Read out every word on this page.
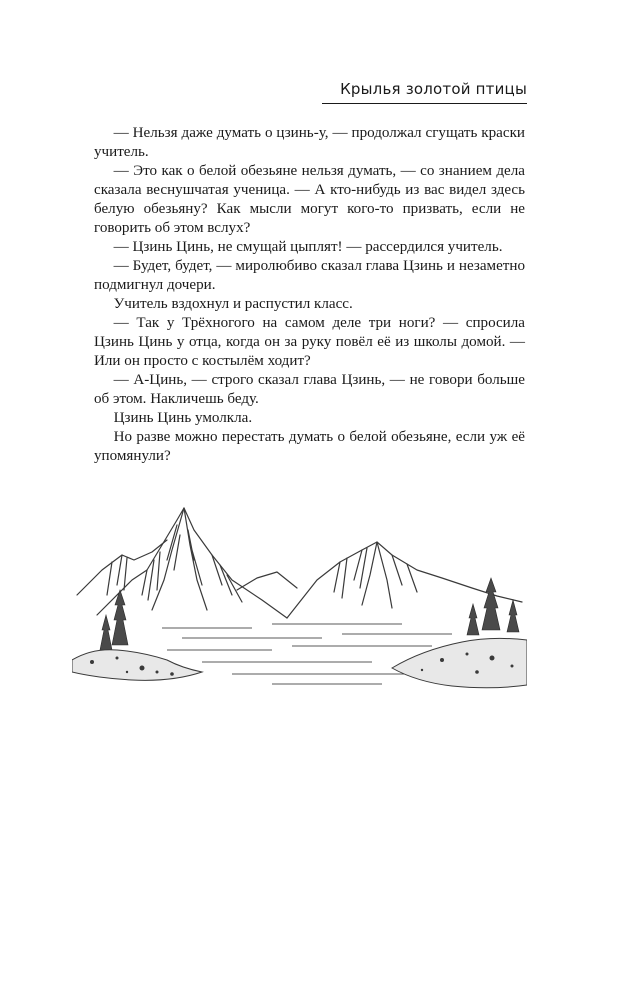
Крылья золотой птицы

— Нельзя даже думать о цзинь-у, — продолжал сгущать краски учитель.

— Это как о белой обезьяне нельзя думать, — со знанием дела сказала веснушчатая ученица. — А кто-нибудь из вас видел здесь белую обезьяну? Как мысли могут кого-то призвать, если не говорить об этом вслух?

— Цзинь Цинь, не смущай цыплят! — рассердился учитель.

— Будет, будет, — миролюбиво сказал глава Цзинь и незаметно подмигнул дочери.

Учитель вздохнул и распустил класс.

— Так у Трёхногого на самом деле три ноги? — спросила Цзинь Цинь у отца, когда он за руку повёл её из школы домой. — Или он просто с костылём ходит?

— А-Цинь, — строго сказал глава Цзинь, — не говори больше об этом. Накличешь беду.

Цзинь Цинь умолкла.

Но разве можно перестать думать о белой обезьяне, если уж её упомянули?
